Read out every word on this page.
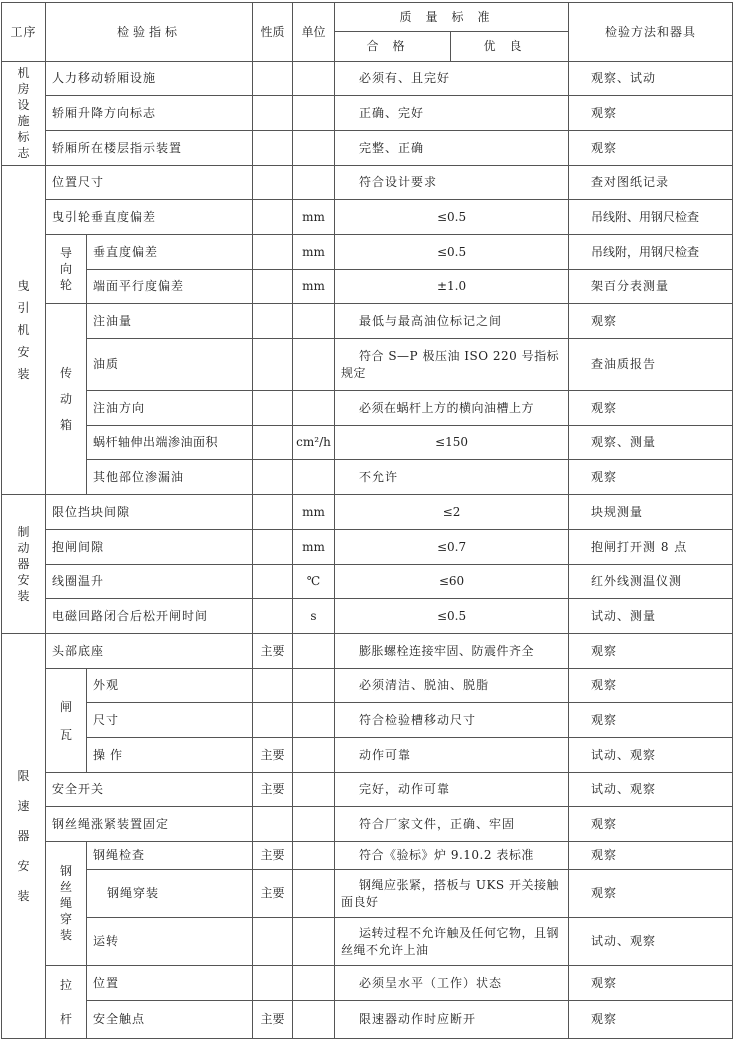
工序	检验指标		性质	单位	质量标准		检验方法和器具
					合格	优良	
机房设施标志	人力移动轿厢设施				必须有、且完好		观察、试动
	轿厢升降方向标志				正确、完好		观察
	轿厢所在楼层指示装置				完整、正确		观察
曳引机安装	位置尺寸				符合设计要求		查对图纸记录
	曳引轮垂直度偏差			mm	≤0.5		吊线附、用钢尺检查
	导向轮	垂直度偏差		mm	≤0.5		吊线附，用钢尺检查
		端面平行度偏差		mm	±1.0		架百分表测量
	传动箱	注油量			最低与最高油位标记之间		观察
		油质			符合 S—P 极压油 ISO 220 号指标规定		查油质报告
		注油方向			必须在蜗杆上方的横向油槽上方		观察
		蜗杆轴伸出端渗油面积		cm²/h	≤150		观察、测量
		其他部位渗漏油			不允许		观察
制动器安装	限位挡块间隙			mm	≤2		块规测量
	抱闸间隙			mm	≤0.7		抱闸打开测 8 点
	线圈温升			℃	≤60		红外线测温仪测
	电磁回路闭合后松开闸时间			s	≤0.5		试动、测量
限速器安装	头部底座		主要		膨胀螺栓连接牢固、防震件齐全		观察
	闸瓦	外观			必须清洁、脱油、脱脂		观察
		尺寸			符合检验槽移动尺寸		观察
		操作	主要		动作可靠		试动、观察
	安全开关		主要		完好，动作可靠		试动、观察
	钢丝绳涨紧装置固定				符合厂家文件，正确、牢固		观察
	钢丝绳穿装	钢绳检查	主要		符合《验标》炉 9.10.2 表标准		观察
		钢绳穿装	主要		钢绳应张紧，搭板与 UKS 开关接触面良好		观察
		运转			运转过程不允许触及任何它物，且钢丝绳不允许上油		试动、观察
	拉杆	位置			必须呈水平（工作）状态		观察
		安全触点	主要		限速器动作时应断开		观察
